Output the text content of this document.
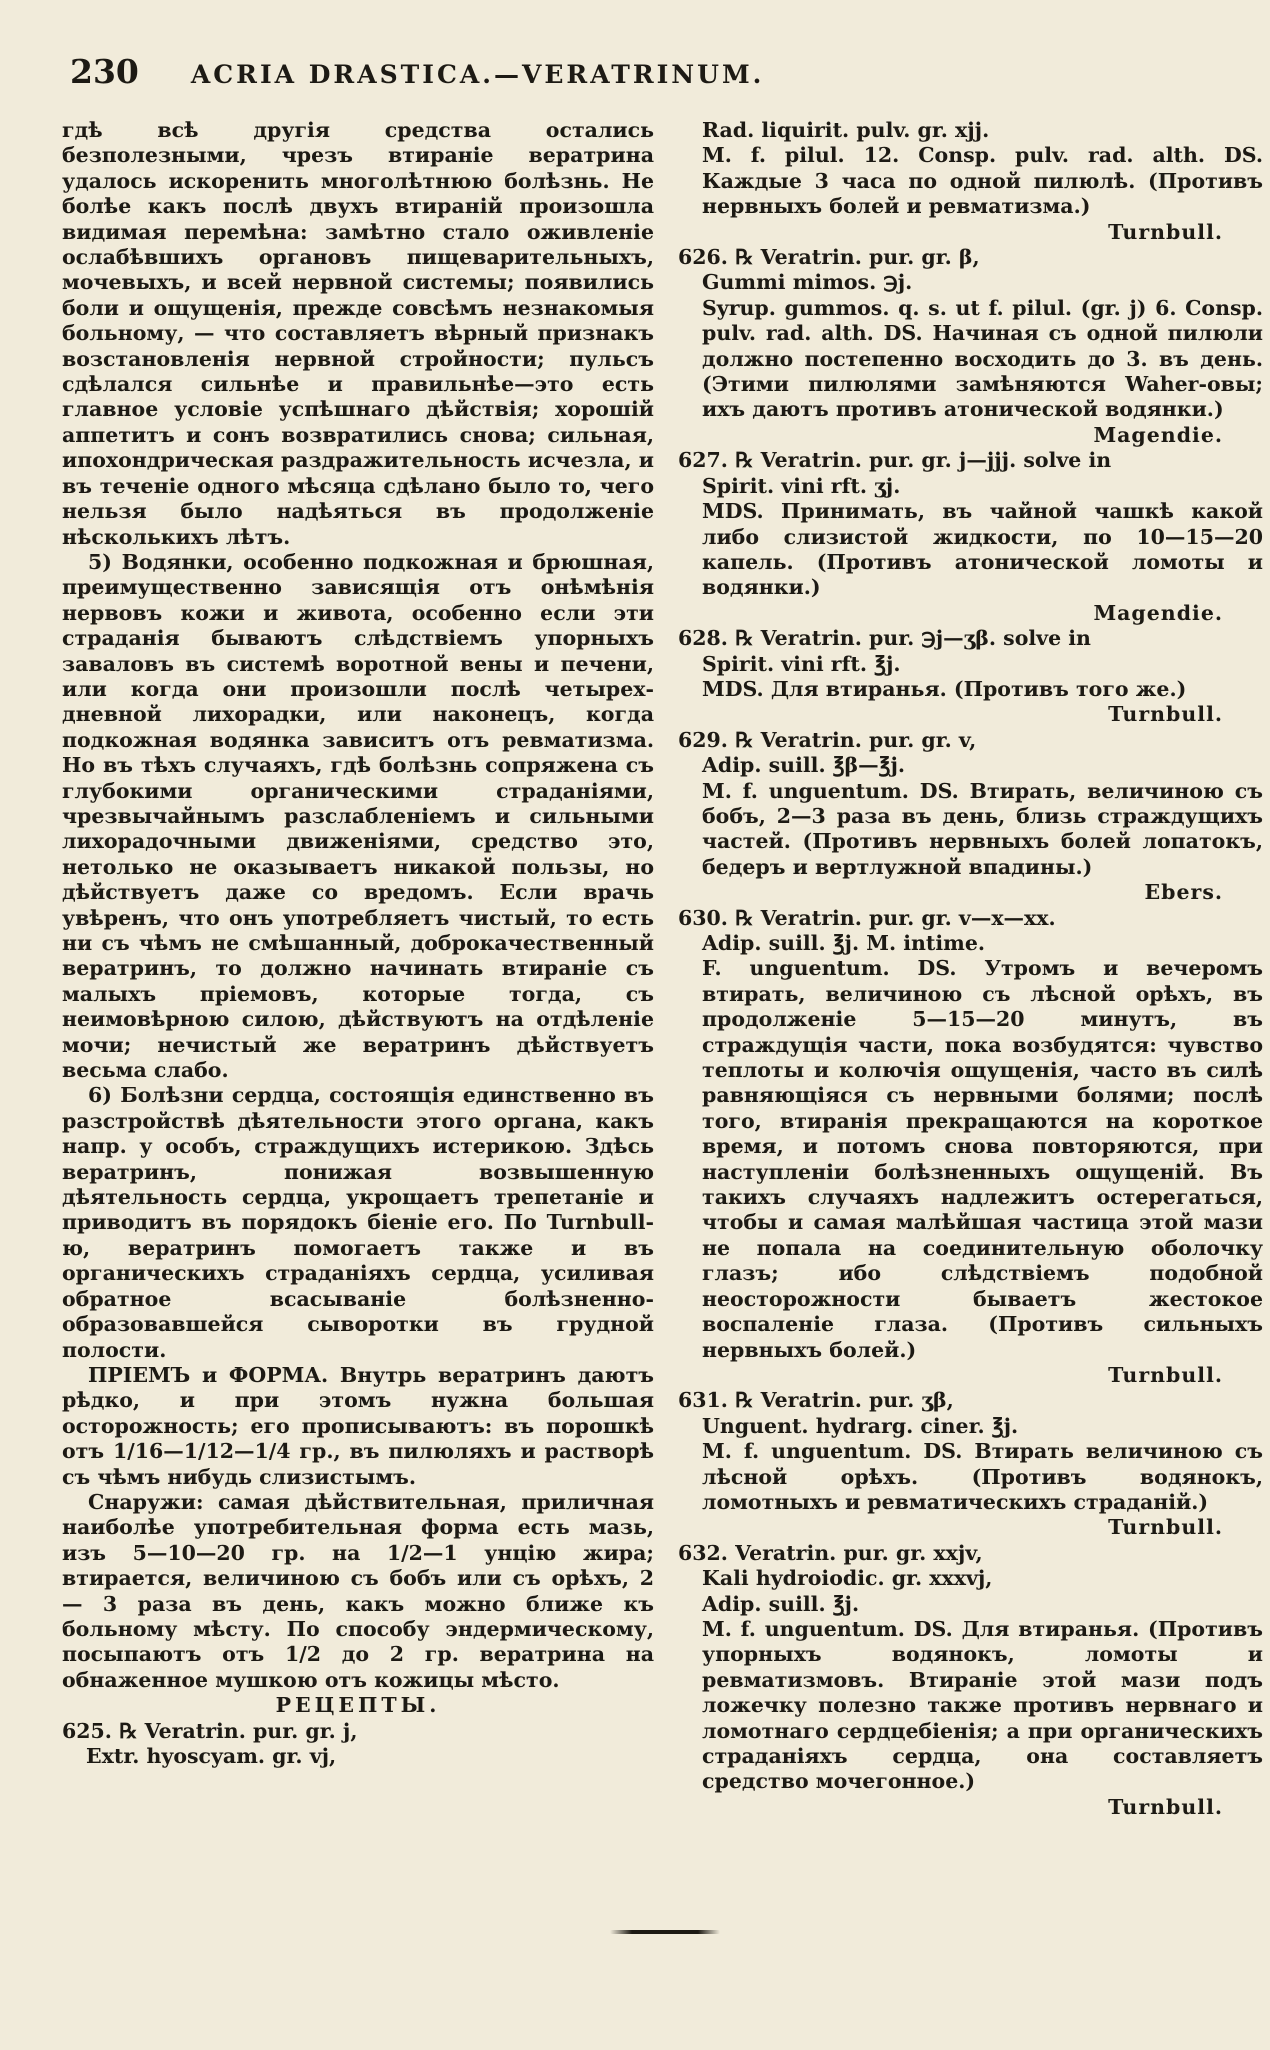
230 ACRIA DRASTICA.—VERATRINUM.

гдѣ всѣ другія средства остались безполезными, чрезъ втираніе вератрина удалось искоренить многолѣтнюю болѣзнь. Не болѣе какъ послѣ двухъ втираній произошла видимая перемѣна: замѣтно стало оживленіе ослабѣвшихъ органовъ пищеварительныхъ, мочевыхъ, и всей нервной системы; появились боли и ощущенія, прежде совсѣмъ незнакомыя больному, — что составляетъ вѣрный признакъ возстановленія нервной стройности; пульсъ сдѣлался сильнѣе и правильнѣе—это есть главное условіе успѣшнаго дѣйствія; хорошій аппетитъ и сонъ возвратились снова; сильная, ипохондрическая раздражительность исчезла, и въ теченіе одного мѣсяца сдѣлано было то, чего нельзя было надѣяться въ продолженіе нѣсколькихъ лѣтъ.

5) Водянки, особенно подкожная и брюшная, преимущественно зависящія отъ онѣмѣнія нервовъ кожи и живота, особенно если эти страданія бываютъ слѣдствіемъ упорныхъ заваловъ въ системѣ воротной вены и печени, или когда они произошли послѣ четырех-дневной лихорадки, или наконецъ, когда подкожная водянка зависитъ отъ ревматизма. Но въ тѣхъ случаяхъ, гдѣ болѣзнь сопряжена съ глубокими органическими страданіями, чрезвычайнымъ разслабленіемъ и сильными лихорадочными движеніями, средство это, нетолько не оказываетъ никакой пользы, но дѣйствуетъ даже со вредомъ. Если врачь увѣренъ, что онъ употребляетъ чистый, то есть ни съ чѣмъ не смѣшанный, доброкачественный вератринъ, то должно начинать втираніе съ малыхъ пріемовъ, которые тогда, съ неимовѣрною силою, дѣйствуютъ на отдѣленіе мочи; нечистый же вератринъ дѣйствуетъ весьма слабо.

6) Болѣзни сердца, состоящія единственно въ разстройствѣ дѣятельности этого органа, какъ напр. у особъ, страждущихъ истерикою. Здѣсь вератринъ, понижая возвышенную дѣятельность сердца, укрощаетъ трепетаніе и приводитъ въ порядокъ біеніе его. По Turnbull-ю, вератринъ помогаетъ также и въ органическихъ страданіяхъ сердца, усиливая обратное всасываніе болѣзненно-образовавшейся сыворотки въ грудной полости.

ПРІЕМЪ и ФОРМА. Внутрь вератринъ даютъ рѣдко, и при этомъ нужна большая осторожность; его прописываютъ: въ порошкѣ отъ 1/16—1/12—1/4 гр., въ пилюляхъ и растворѣ съ чѣмъ нибудь слизистымъ.

Снаружи: самая дѣйствительная, приличная наиболѣе употребительная форма есть мазь, изъ 5—10—20 гр. на 1/2—1 унцію жира; втирается, величиною съ бобъ или съ орѣхъ, 2 — 3 раза въ день, какъ можно ближе къ больному мѣсту. По способу эндермическому, посыпаютъ отъ 1/2 до 2 гр. вератрина на обнаженное мушкою отъ кожицы мѣсто.

РЕЦЕПТЫ.

625. ℞ Veratrin. pur. gr. j,

Extr. hyoscyam. gr. vj,

Rad. liquirit. pulv. gr. xjj.

M. f. pilul. 12. Consp. pulv. rad. alth. DS. Каждые 3 часа по одной пилюлѣ. (Противъ нервныхъ болей и ревматизма.)

Turnbull.

626. ℞ Veratrin. pur. gr. β,

Gummi mimos. ℈j.

Syrup. gummos. q. s. ut f. pilul. (gr. j) 6. Consp. pulv. rad. alth. DS. Начиная съ одной пилюли должно постепенно восходить до 3. въ день. (Этими пилюлями замѣняются Waher-овы; ихъ даютъ противъ атонической водянки.)

Magendie.

627. ℞ Veratrin. pur. gr. j—jjj. solve in

Spirit. vini rft. ʒj.

MDS. Принимать, въ чайной чашкѣ какой либо слизистой жидкости, по 10—15—20 капель. (Противъ атонической ломоты и водянки.)

Magendie.

628. ℞ Veratrin. pur. ℈j—ʒβ. solve in

Spirit. vini rft. ℥j.

MDS. Для втиранья. (Противъ того же.)

Turnbull.

629. ℞ Veratrin. pur. gr. v,

Adip. suill. ℥β—℥j.

M. f. unguentum. DS. Втирать, величиною съ бобъ, 2—3 раза въ день, близь страждущихъ частей. (Противъ нервныхъ болей лопатокъ, бедеръ и вертлужной впадины.)

Ebers.

630. ℞ Veratrin. pur. gr. v—x—xx.

Adip. suill. ℥j. M. intime.

F. unguentum. DS. Утромъ и вечеромъ втирать, величиною съ лѣсной орѣхъ, въ продолженіе 5—15—20 минутъ, въ страждущія части, пока возбудятся: чувство теплоты и колючія ощущенія, часто въ силѣ равняющіяся съ нервными болями; послѣ того, втиранія прекращаются на короткое время, и потомъ снова повторяются, при наступленіи болѣзненныхъ ощущеній. Въ такихъ случаяхъ надлежитъ остерегаться, чтобы и самая малѣйшая частица этой мази не попала на соединительную оболочку глазъ; ибо слѣдствіемъ подобной неосторожности бываетъ жестокое воспаленіе глаза. (Противъ сильныхъ нервныхъ болей.)

Turnbull.

631. ℞ Veratrin. pur. ʒβ,

Unguent. hydrarg. ciner. ℥j.

M. f. unguentum. DS. Втирать величиною съ лѣсной орѣхъ. (Противъ водянокъ, ломотныхъ и ревматическихъ страданій.)

Turnbull.

632. Veratrin. pur. gr. xxjv,

Kali hydroiodic. gr. xxxvj,

Adip. suill. ℥j.

M. f. unguentum. DS. Для втиранья. (Противъ упорныхъ водянокъ, ломоты и ревматизмовъ. Втираніе этой мази подъ ложечку полезно также противъ нервнаго и ломотнаго сердцебіенія; а при органическихъ страданіяхъ сердца, она составляетъ средство мочегонное.)

Turnbull.
